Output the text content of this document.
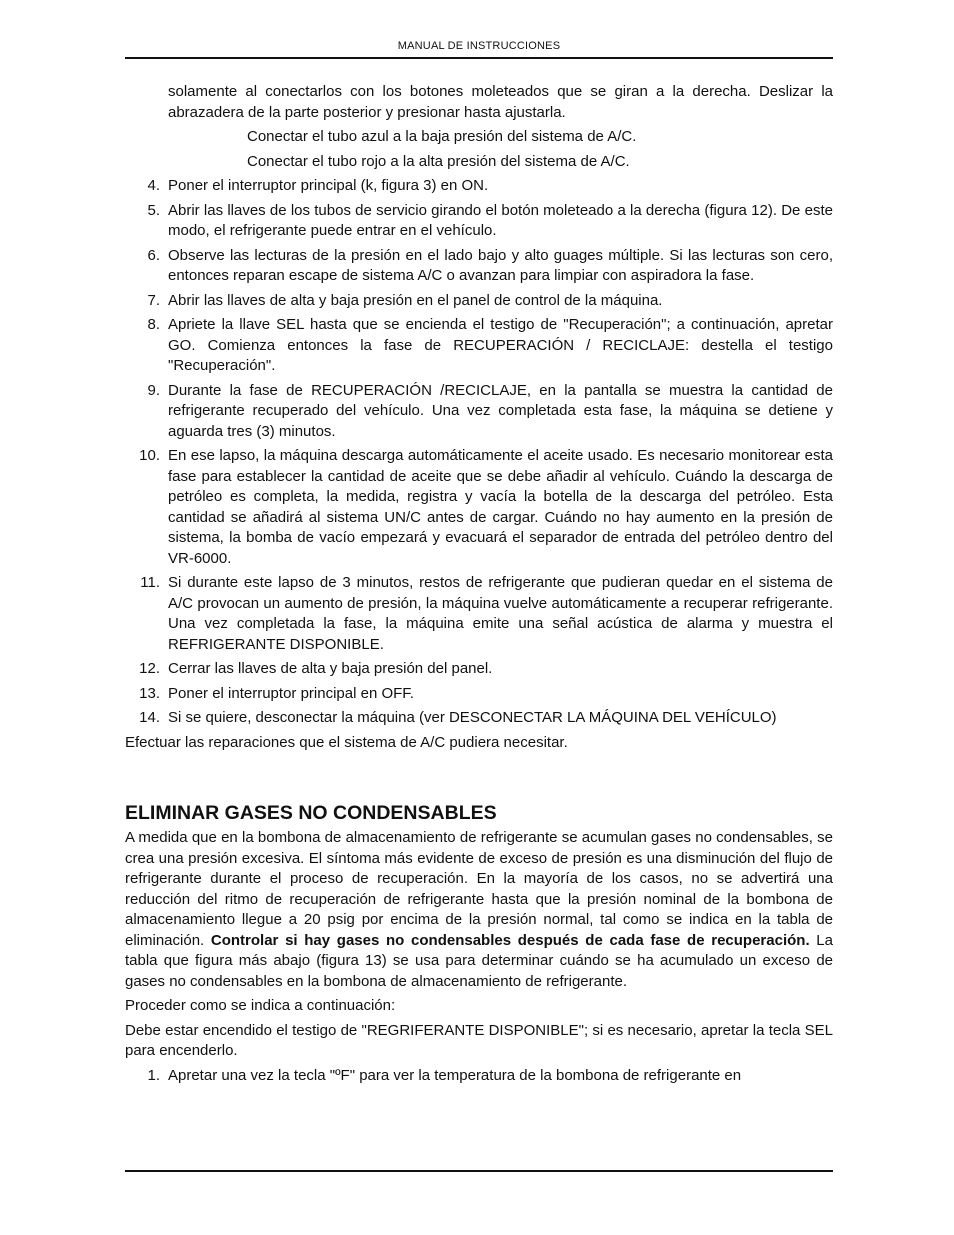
MANUAL DE INSTRUCCIONES
solamente al conectarlos con los botones moleteados que se giran a la derecha. Deslizar la abrazadera de la parte posterior y presionar hasta ajustarla.
Conectar el tubo azul a la baja presión del sistema de A/C.
Conectar el tubo rojo a la alta presión del sistema de A/C.
4. Poner el interruptor principal (k, figura 3) en ON.
5. Abrir las llaves de los tubos de servicio girando el botón moleteado a la derecha (figura 12). De este modo, el refrigerante puede entrar en el vehículo.
6. Observe las lecturas de la presión en el lado bajo y alto guages múltiple. Si las lecturas son cero, entonces reparan escape de sistema A/C o avanzan para limpiar con aspiradora la fase.
7. Abrir las llaves de alta y baja presión en el panel de control de la máquina.
8. Apriete la llave SEL hasta que se encienda el testigo de "Recuperación"; a continuación, apretar GO. Comienza entonces la fase de RECUPERACIÓN / RECICLAJE: destella el testigo "Recuperación".
9. Durante la fase de RECUPERACIÓN /RECICLAJE, en la pantalla se muestra la cantidad de refrigerante recuperado del vehículo. Una vez completada esta fase, la máquina se detiene y aguarda tres (3) minutos.
10. En ese lapso, la máquina descarga automáticamente el aceite usado. Es necesario monitorear esta fase para establecer la cantidad de aceite que se debe añadir al vehículo. Cuándo la descarga de petróleo es completa, la medida, registra y vacía la botella de la descarga del petróleo. Esta cantidad se añadirá al sistema UN/C antes de cargar. Cuándo no hay aumento en la presión de sistema, la bomba de vacío empezará y evacuará el separador de entrada del petróleo dentro del VR-6000.
11. Si durante este lapso de 3 minutos, restos de refrigerante que pudieran quedar en el sistema de A/C provocan un aumento de presión, la máquina vuelve automáticamente a recuperar refrigerante. Una vez completada la fase, la máquina emite una señal acústica de alarma y muestra el REFRIGERANTE DISPONIBLE.
12. Cerrar las llaves de alta y baja presión del panel.
13. Poner el interruptor principal en OFF.
14. Si se quiere, desconectar la máquina (ver DESCONECTAR LA MÁQUINA DEL VEHÍCULO)

Efectuar las reparaciones que el sistema de A/C pudiera necesitar.

ELIMINAR GASES NO CONDENSABLES

A medida que en la bombona de almacenamiento de refrigerante se acumulan gases no condensables, se crea una presión excesiva. El síntoma más evidente de exceso de presión es una disminución del flujo de refrigerante durante el proceso de recuperación. En la mayoría de los casos, no se advertirá una reducción del ritmo de recuperación de refrigerante hasta que la presión nominal de la bombona de almacenamiento llegue a 20 psig por encima de la presión normal, tal como se indica en la tabla de eliminación. Controlar si hay gases no condensables después de cada fase de recuperación. La tabla que figura más abajo (figura 13) se usa para determinar cuándo se ha acumulado un exceso de gases no condensables en la bombona de almacenamiento de refrigerante.

Proceder como se indica a continuación:

Debe estar encendido el testigo de "REGRIFERANTE DISPONIBLE"; si es necesario, apretar la tecla SEL para encenderlo.

1. Apretar una vez la tecla "ºF" para ver la temperatura de la bombona de refrigerante en
